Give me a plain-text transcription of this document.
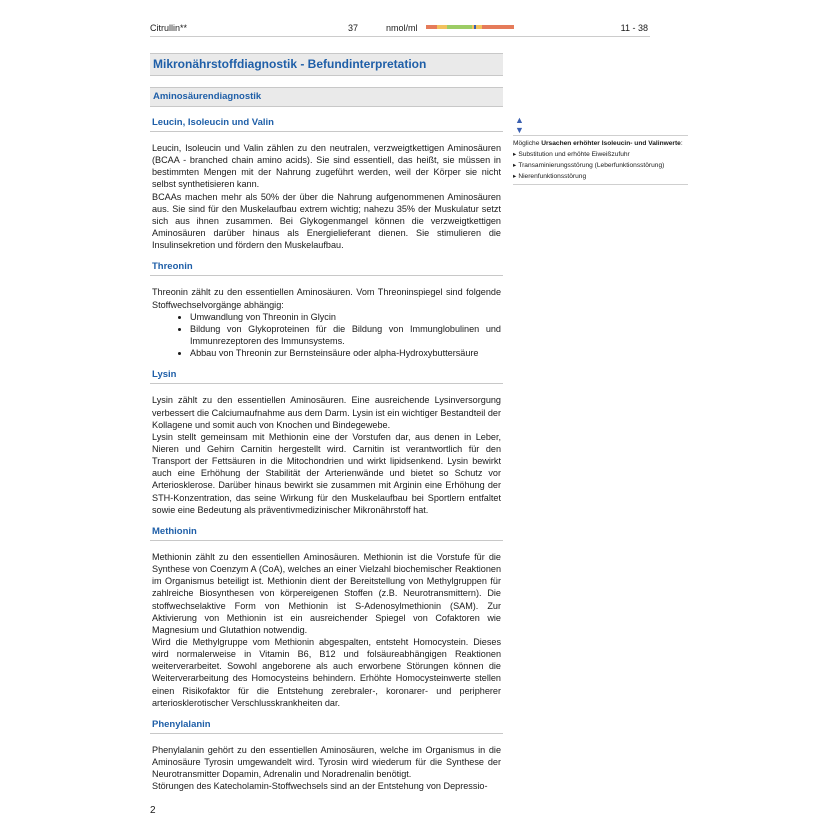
Citrullin**	37	nmol/ml	11 - 38
Mikronährstoffdiagnostik - Befundinterpretation
Aminosäurendiagnostik
Leucin, Isoleucin und Valin

Leucin, Isoleucin und Valin zählen zu den neutralen, verzweigtkettigen Aminosäuren (BCAA - branched chain amino acids). Sie sind essentiell, das heißt, sie müssen in bestimmten Mengen mit der Nahrung zugeführt werden, weil der Körper sie nicht selbst synthetisieren kann.

BCAAs machen mehr als 50% der über die Nahrung aufgenommenen Aminosäuren aus. Sie sind für den Muskelaufbau extrem wichtig; nahezu 35% der Muskulatur setzt sich aus ihnen zusammen. Bei Glykogenmangel können die verzweigtkettigen Aminosäuren darüber hinaus als Energielieferant dienen. Sie stimulieren die Insulinsekretion und fördern den Muskelaufbau.

Threonin

Threonin zählt zu den essentiellen Aminosäuren. Vom Threoninspiegel sind folgende Stoffwechselvorgänge abhängig:

• Umwandlung von Threonin in Glycin
• Bildung von Glykoproteinen für die Bildung von Immunglobulinen und Immunrezeptoren des Immunsystems.
• Abbau von Threonin zur Bernsteinsäure oder alpha-Hydroxybuttersäure
Lysin

Lysin zählt zu den essentiellen Aminosäuren. Eine ausreichende Lysinversorgung verbessert die Calciumaufnahme aus dem Darm. Lysin ist ein wichtiger Bestandteil der Kollagene und somit auch von Knochen und Bindegewebe.

Lysin stellt gemeinsam mit Methionin eine der Vorstufen dar, aus denen in Leber, Nieren und Gehirn Carnitin hergestellt wird. Carnitin ist verantwortlich für den Transport der Fettsäuren in die Mitochondrien und wirkt lipidsenkend. Lysin bewirkt auch eine Erhöhung der Stabilität der Arterienwände und bietet so Schutz vor Arteriosklerose. Darüber hinaus bewirkt sie zusammen mit Arginin eine Erhöhung der STH-Konzentration, das seine Wirkung für den Muskelaufbau bei Sportlern entfaltet sowie eine Bedeutung als präventivmedizinischer Mikronährstoff hat.

Methionin

Methionin zählt zu den essentiellen Aminosäuren. Methionin ist die Vorstufe für die Synthese von Coenzym A (CoA), welches an einer Vielzahl biochemischer Reaktionen im Organismus beteiligt ist. Methionin dient der Bereitstellung von Methylgruppen für zahlreiche Biosynthesen von körpereigenen Stoffen (z.B. Neurotransmittern). Die stoffwechselaktive Form von Methionin ist S-Adenosylmethionin (SAM). Zur Aktivierung von Methionin ist ein ausreichender Spiegel von Cofaktoren wie Magnesium und Glutathion notwendig.

Wird die Methylgruppe vom Methionin abgespalten, entsteht Homocystein. Dieses wird normalerweise in Vitamin B6, B12 und folsäureabhängigen Reaktionen weiterverarbeitet. Sowohl angeborene als auch erworbene Störungen können die Weiterverarbeitung des Homocysteins behindern. Erhöhte Homocysteinwerte stellen einen Risikofaktor für die Entstehung zerebraler-, koronarer- und peripherer arteriosklerotischer Verschlusskrankheiten dar.

Phenylalanin

Phenylalanin gehört zu den essentiellen Aminosäuren, welche im Organismus in die Aminosäure Tyrosin umgewandelt wird. Tyrosin wird wiederum für die Synthese der Neurotransmitter Dopamin, Adrenalin und Noradrenalin benötigt.

Störungen des Katecholamin-Stoffwechsels sind an der Entstehung von Depressio-

▲︎
▼︎
Mögliche Ursachen erhöhter Isoleucin- und Valinwerte:
▸ Substitution und erhöhte Eiweißzufuhr
▸ Transaminierungsstörung (Leberfunktionsstörung)
▸ Nierenfunktionsstörung
2
